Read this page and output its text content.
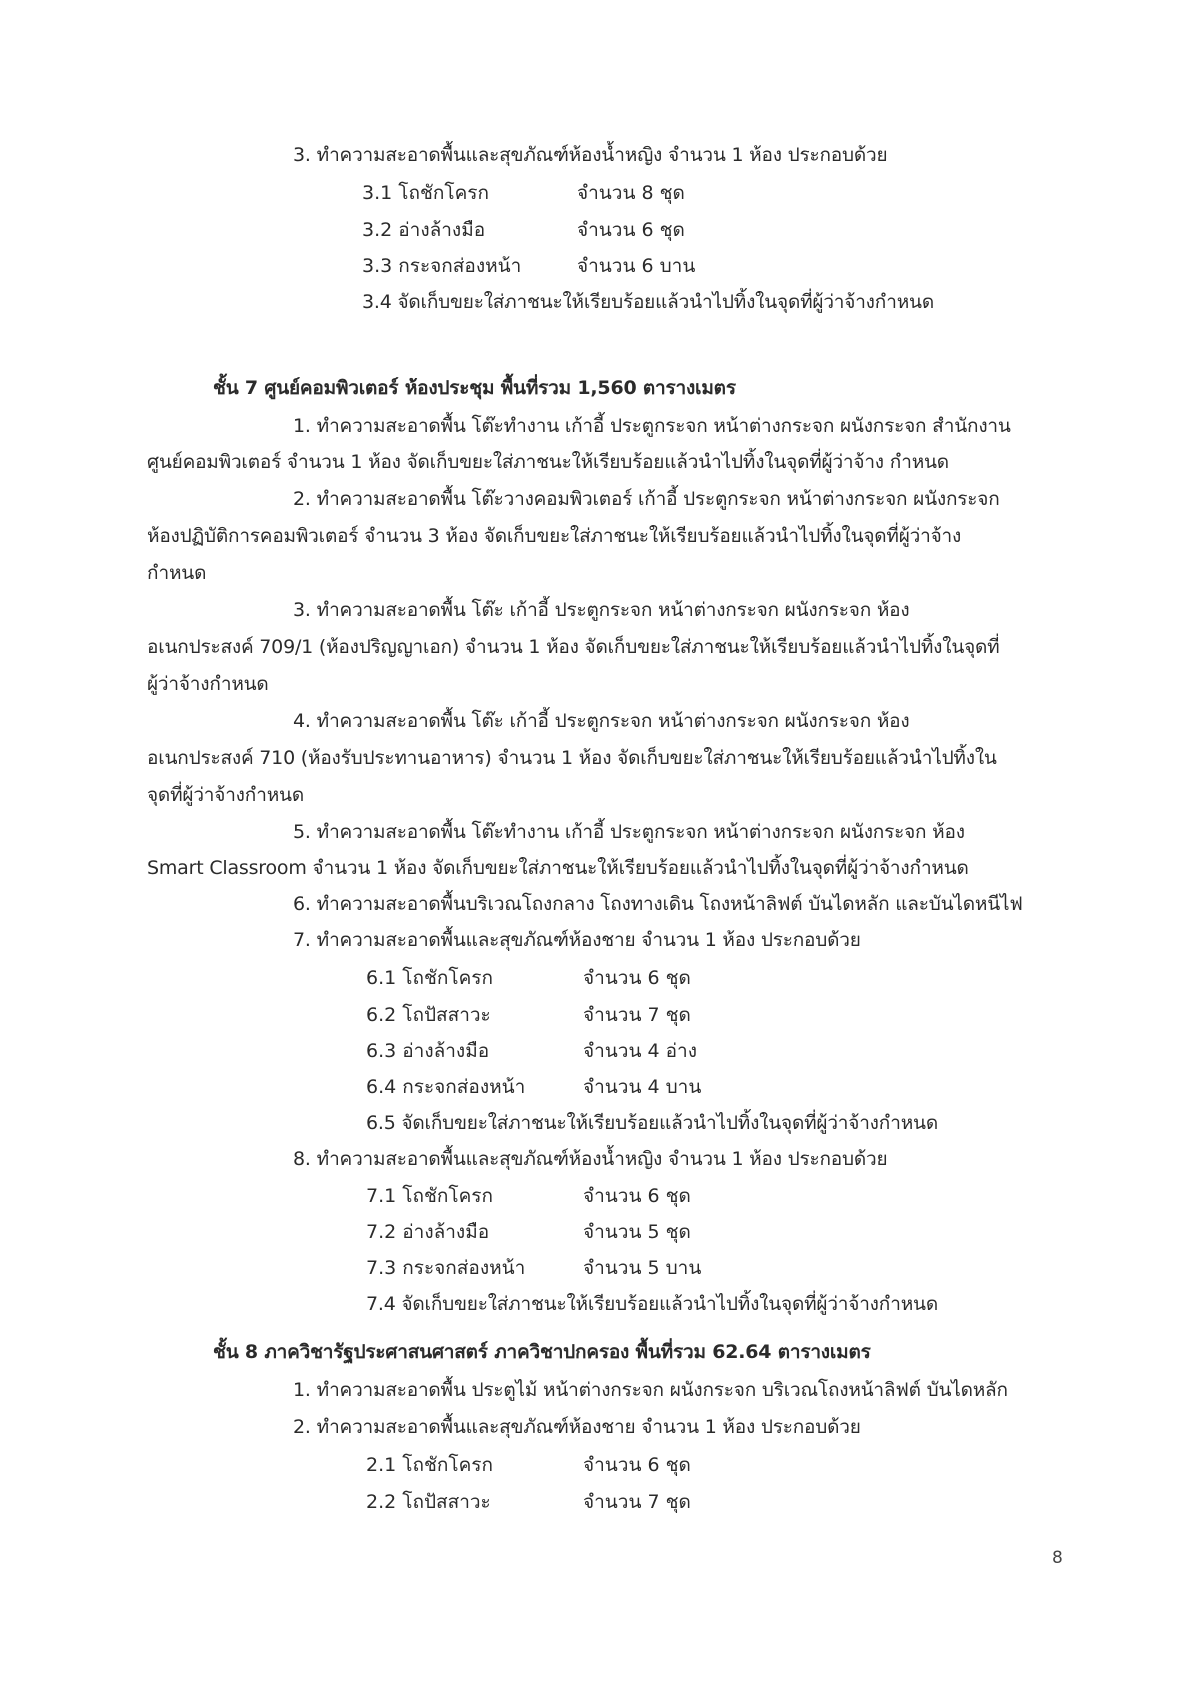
3. ทำความสะอาดพื้นและสุขภัณฑ์ห้องน้ำหญิง จำนวน 1 ห้อง ประกอบด้วย
3.1 โถชักโครก	จำนวน 8 ชุด
3.2 อ่างล้างมือ	จำนวน 6 ชุด
3.3 กระจกส่องหน้า	จำนวน 6 บาน
3.4 จัดเก็บขยะใส่ภาชนะให้เรียบร้อยแล้วนำไปทิ้งในจุดที่ผู้ว่าจ้างกำหนด
ชั้น 7 ศูนย์คอมพิวเตอร์ ห้องประชุม พื้นที่รวม 1,560 ตารางเมตร
1. ทำความสะอาดพื้น โต๊ะทำงาน เก้าอี้ ประตูกระจก หน้าต่างกระจก ผนังกระจก สำนักงาน
ศูนย์คอมพิวเตอร์ จำนวน 1 ห้อง จัดเก็บขยะใส่ภาชนะให้เรียบร้อยแล้วนำไปทิ้งในจุดที่ผู้ว่าจ้าง กำหนด
2. ทำความสะอาดพื้น โต๊ะวางคอมพิวเตอร์ เก้าอี้ ประตูกระจก หน้าต่างกระจก ผนังกระจก
ห้องปฏิบัติการคอมพิวเตอร์ จำนวน 3 ห้อง จัดเก็บขยะใส่ภาชนะให้เรียบร้อยแล้วนำไปทิ้งในจุดที่ผู้ว่าจ้าง
กำหนด
3. ทำความสะอาดพื้น โต๊ะ เก้าอี้ ประตูกระจก หน้าต่างกระจก ผนังกระจก ห้อง
อเนกประสงค์ 709/1 (ห้องปริญญาเอก) จำนวน 1 ห้อง จัดเก็บขยะใส่ภาชนะให้เรียบร้อยแล้วนำไปทิ้งในจุดที่
ผู้ว่าจ้างกำหนด
4. ทำความสะอาดพื้น โต๊ะ เก้าอี้ ประตูกระจก หน้าต่างกระจก ผนังกระจก ห้อง
อเนกประสงค์ 710 (ห้องรับประทานอาหาร) จำนวน 1 ห้อง จัดเก็บขยะใส่ภาชนะให้เรียบร้อยแล้วนำไปทิ้งใน
จุดที่ผู้ว่าจ้างกำหนด
5. ทำความสะอาดพื้น โต๊ะทำงาน เก้าอี้ ประตูกระจก หน้าต่างกระจก ผนังกระจก ห้อง
Smart Classroom จำนวน 1 ห้อง จัดเก็บขยะใส่ภาชนะให้เรียบร้อยแล้วนำไปทิ้งในจุดที่ผู้ว่าจ้างกำหนด
6. ทำความสะอาดพื้นบริเวณโถงกลาง โถงทางเดิน โถงหน้าลิฟต์ บันไดหลัก และบันไดหนีไฟ
7. ทำความสะอาดพื้นและสุขภัณฑ์ห้องชาย จำนวน 1 ห้อง ประกอบด้วย
6.1 โถชักโครก	จำนวน 6 ชุด
6.2 โถปัสสาวะ	จำนวน 7 ชุด
6.3 อ่างล้างมือ	จำนวน 4 อ่าง
6.4 กระจกส่องหน้า	จำนวน 4 บาน
6.5 จัดเก็บขยะใส่ภาชนะให้เรียบร้อยแล้วนำไปทิ้งในจุดที่ผู้ว่าจ้างกำหนด
8. ทำความสะอาดพื้นและสุขภัณฑ์ห้องน้ำหญิง จำนวน 1 ห้อง ประกอบด้วย
7.1 โถชักโครก	จำนวน 6 ชุด
7.2 อ่างล้างมือ	จำนวน 5 ชุด
7.3 กระจกส่องหน้า	จำนวน 5 บาน
7.4 จัดเก็บขยะใส่ภาชนะให้เรียบร้อยแล้วนำไปทิ้งในจุดที่ผู้ว่าจ้างกำหนด
ชั้น 8 ภาควิชารัฐประศาสนศาสตร์ ภาควิชาปกครอง พื้นที่รวม 62.64 ตารางเมตร
1. ทำความสะอาดพื้น ประตูไม้ หน้าต่างกระจก ผนังกระจก บริเวณโถงหน้าลิฟต์ บันไดหลัก
2. ทำความสะอาดพื้นและสุขภัณฑ์ห้องชาย จำนวน 1 ห้อง ประกอบด้วย
2.1 โถชักโครก	จำนวน 6 ชุด
2.2 โถปัสสาวะ	จำนวน 7 ชุด
8
